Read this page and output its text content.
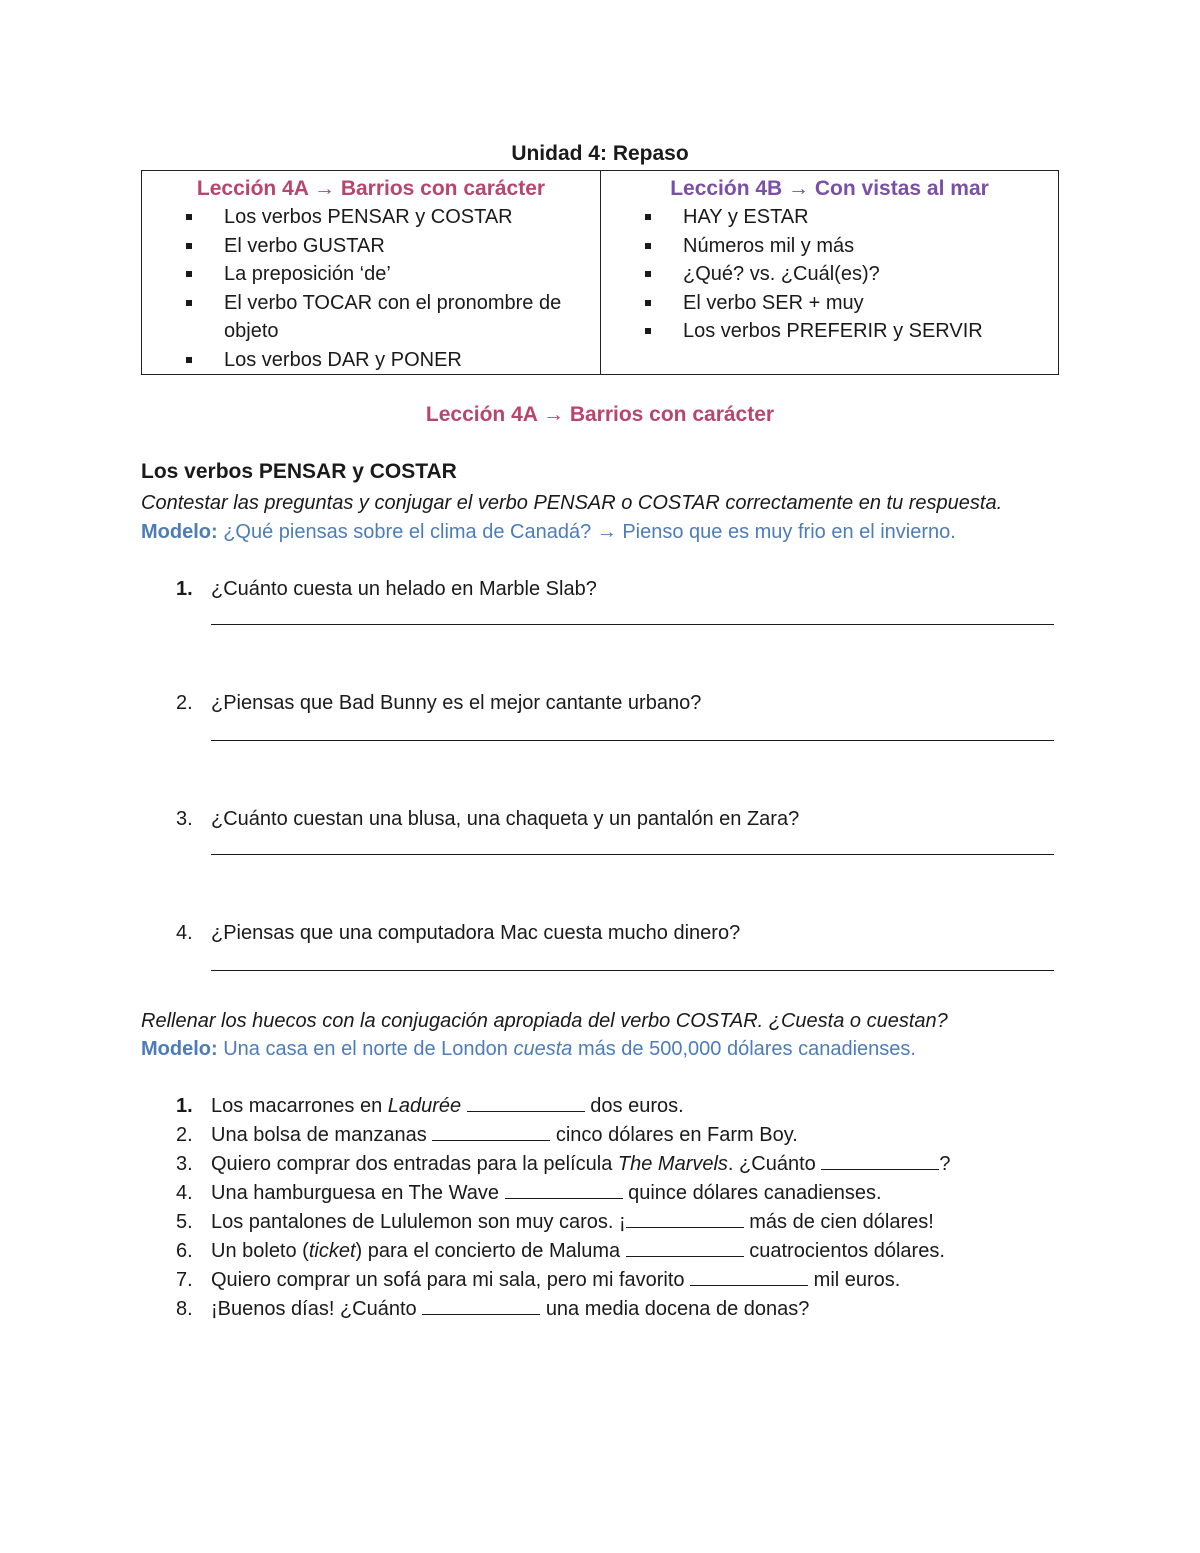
Unidad 4: Repaso
Lección 4A → Barrios con carácter
Los verbos PENSAR y COSTAR
El verbo GUSTAR
La preposición ‘de’
El verbo TOCAR con el pronombre de objeto
Los verbos DAR y PONER

Lección 4B → Con vistas al mar
HAY y ESTAR
Números mil y más
¿Qué? vs. ¿Cuál(es)?
El verbo SER + muy
Los verbos PREFERIR y SERVIR
Lección 4A → Barrios con carácter
Los verbos PENSAR y COSTAR
Contestar las preguntas y conjugar el verbo PENSAR o COSTAR correctamente en tu respuesta.
Modelo: ¿Qué piensas sobre el clima de Canadá? → Pienso que es muy frio en el invierno.
1. ¿Cuánto cuesta un helado en Marble Slab?
2. ¿Piensas que Bad Bunny es el mejor cantante urbano?
3. ¿Cuánto cuestan una blusa, una chaqueta y un pantalón en Zara?
4. ¿Piensas que una computadora Mac cuesta mucho dinero?
Rellenar los huecos con la conjugación apropiada del verbo COSTAR. ¿Cuesta o cuestan?
Modelo: Una casa en el norte de London cuesta más de 500,000 dólares canadienses.
1. Los macarrones en Ladurée	dos euros.
2. Una bolsa de manzanas	cinco dólares en Farm Boy.
3. Quiero comprar dos entradas para la película The Marvels. ¿Cuánto	?
4. Una hamburguesa en The Wave	quince dólares canadienses.
5. Los pantalones de Lululemon son muy caros. ¡	más de cien dólares!
6. Un boleto (ticket) para el concierto de Maluma	cuatrocientos dólares.
7. Quiero comprar un sofá para mi sala, pero mi favorito	mil euros.
8. ¡Buenos días! ¿Cuánto	una media docena de donas?
